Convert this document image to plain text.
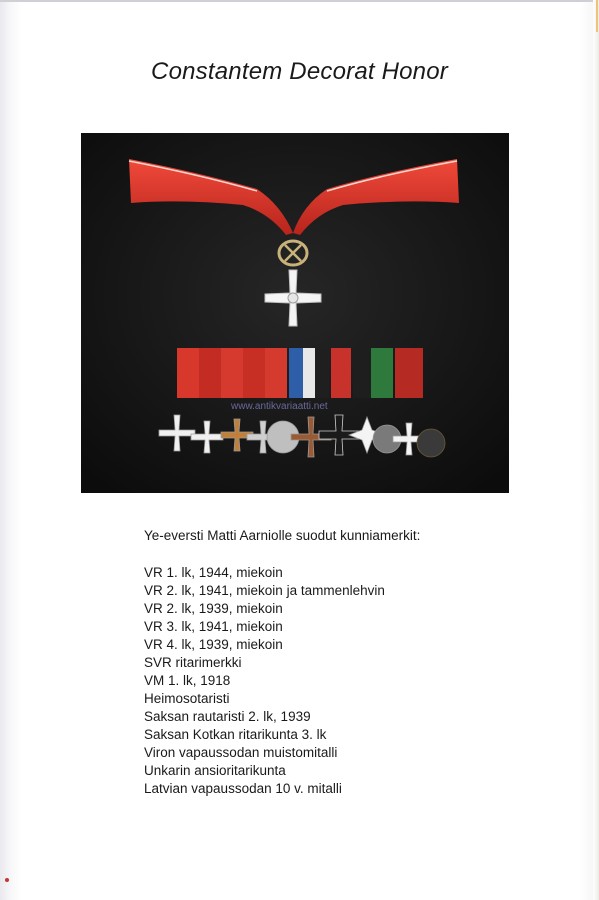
Constantem Decorat Honor
www.antikvariaatti.net
Ye-eversti Matti Aarniolle suodut kunniamerkit:
VR 1. lk, 1944, miekoin
VR 2. lk, 1941, miekoin ja tammenlehvin
VR 2. lk, 1939, miekoin
VR 3. lk, 1941, miekoin
VR 4. lk, 1939, miekoin
SVR ritarimerkki
VM 1. lk, 1918
Heimosotaristi
Saksan rautaristi 2. lk, 1939
Saksan Kotkan ritarikunta 3. lk
Viron vapaussodan muistomitalli
Unkarin ansioritarikunta
Latvian vapaussodan 10 v. mitalli
